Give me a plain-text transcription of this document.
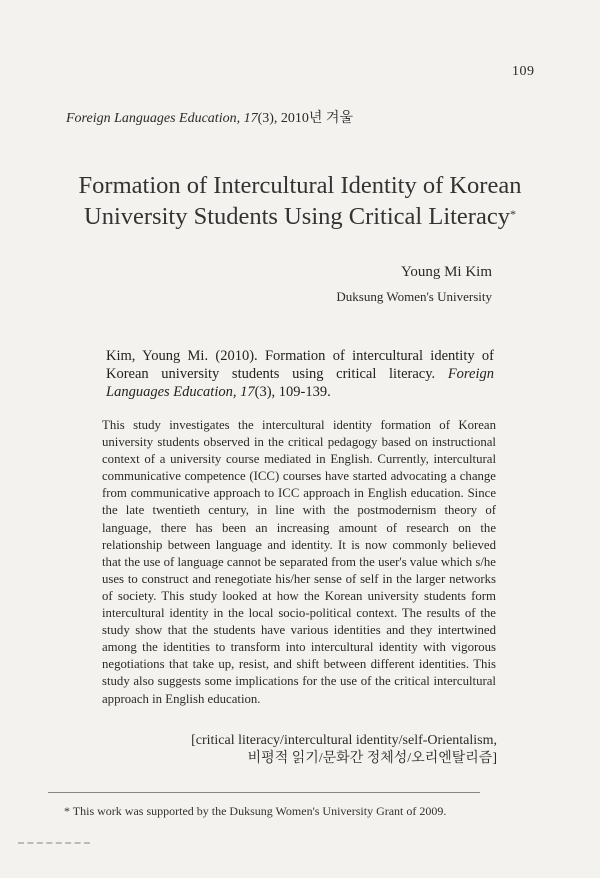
109
Foreign Languages Education, 17(3), 2010년 겨울
Formation of Intercultural Identity of Korean
University Students Using Critical Literacy*
Young Mi Kim
Duksung Women's University
Kim, Young Mi. (2010). Formation of intercultural identity of Korean university students using critical literacy. Foreign Languages Education, 17(3), 109-139.
This study investigates the intercultural identity formation of Korean university students observed in the critical pedagogy based on instructional context of a university course mediated in English. Currently, intercultural communicative competence (ICC) courses have started advocating a change from communicative approach to ICC approach in English education. Since the late twentieth century, in line with the postmodernism theory of language, there has been an increasing amount of research on the relationship between language and identity. It is now commonly believed that the use of language cannot be separated from the user's value which s/he uses to construct and renegotiate his/her sense of self in the larger networks of society. This study looked at how the Korean university students form intercultural identity in the local socio-political context. The results of the study show that the students have various identities and they intertwined among the identities to transform into intercultural identity with vigorous negotiations that take up, resist, and shift between different identities. This study also suggests some implications for the use of the critical intercultural approach in English education.
[critical literacy/intercultural identity/self-Orientalism,
비평적 읽기/문화간 정체성/오리엔탈리즘]
* This work was supported by the Duksung Women's University Grant of 2009.
